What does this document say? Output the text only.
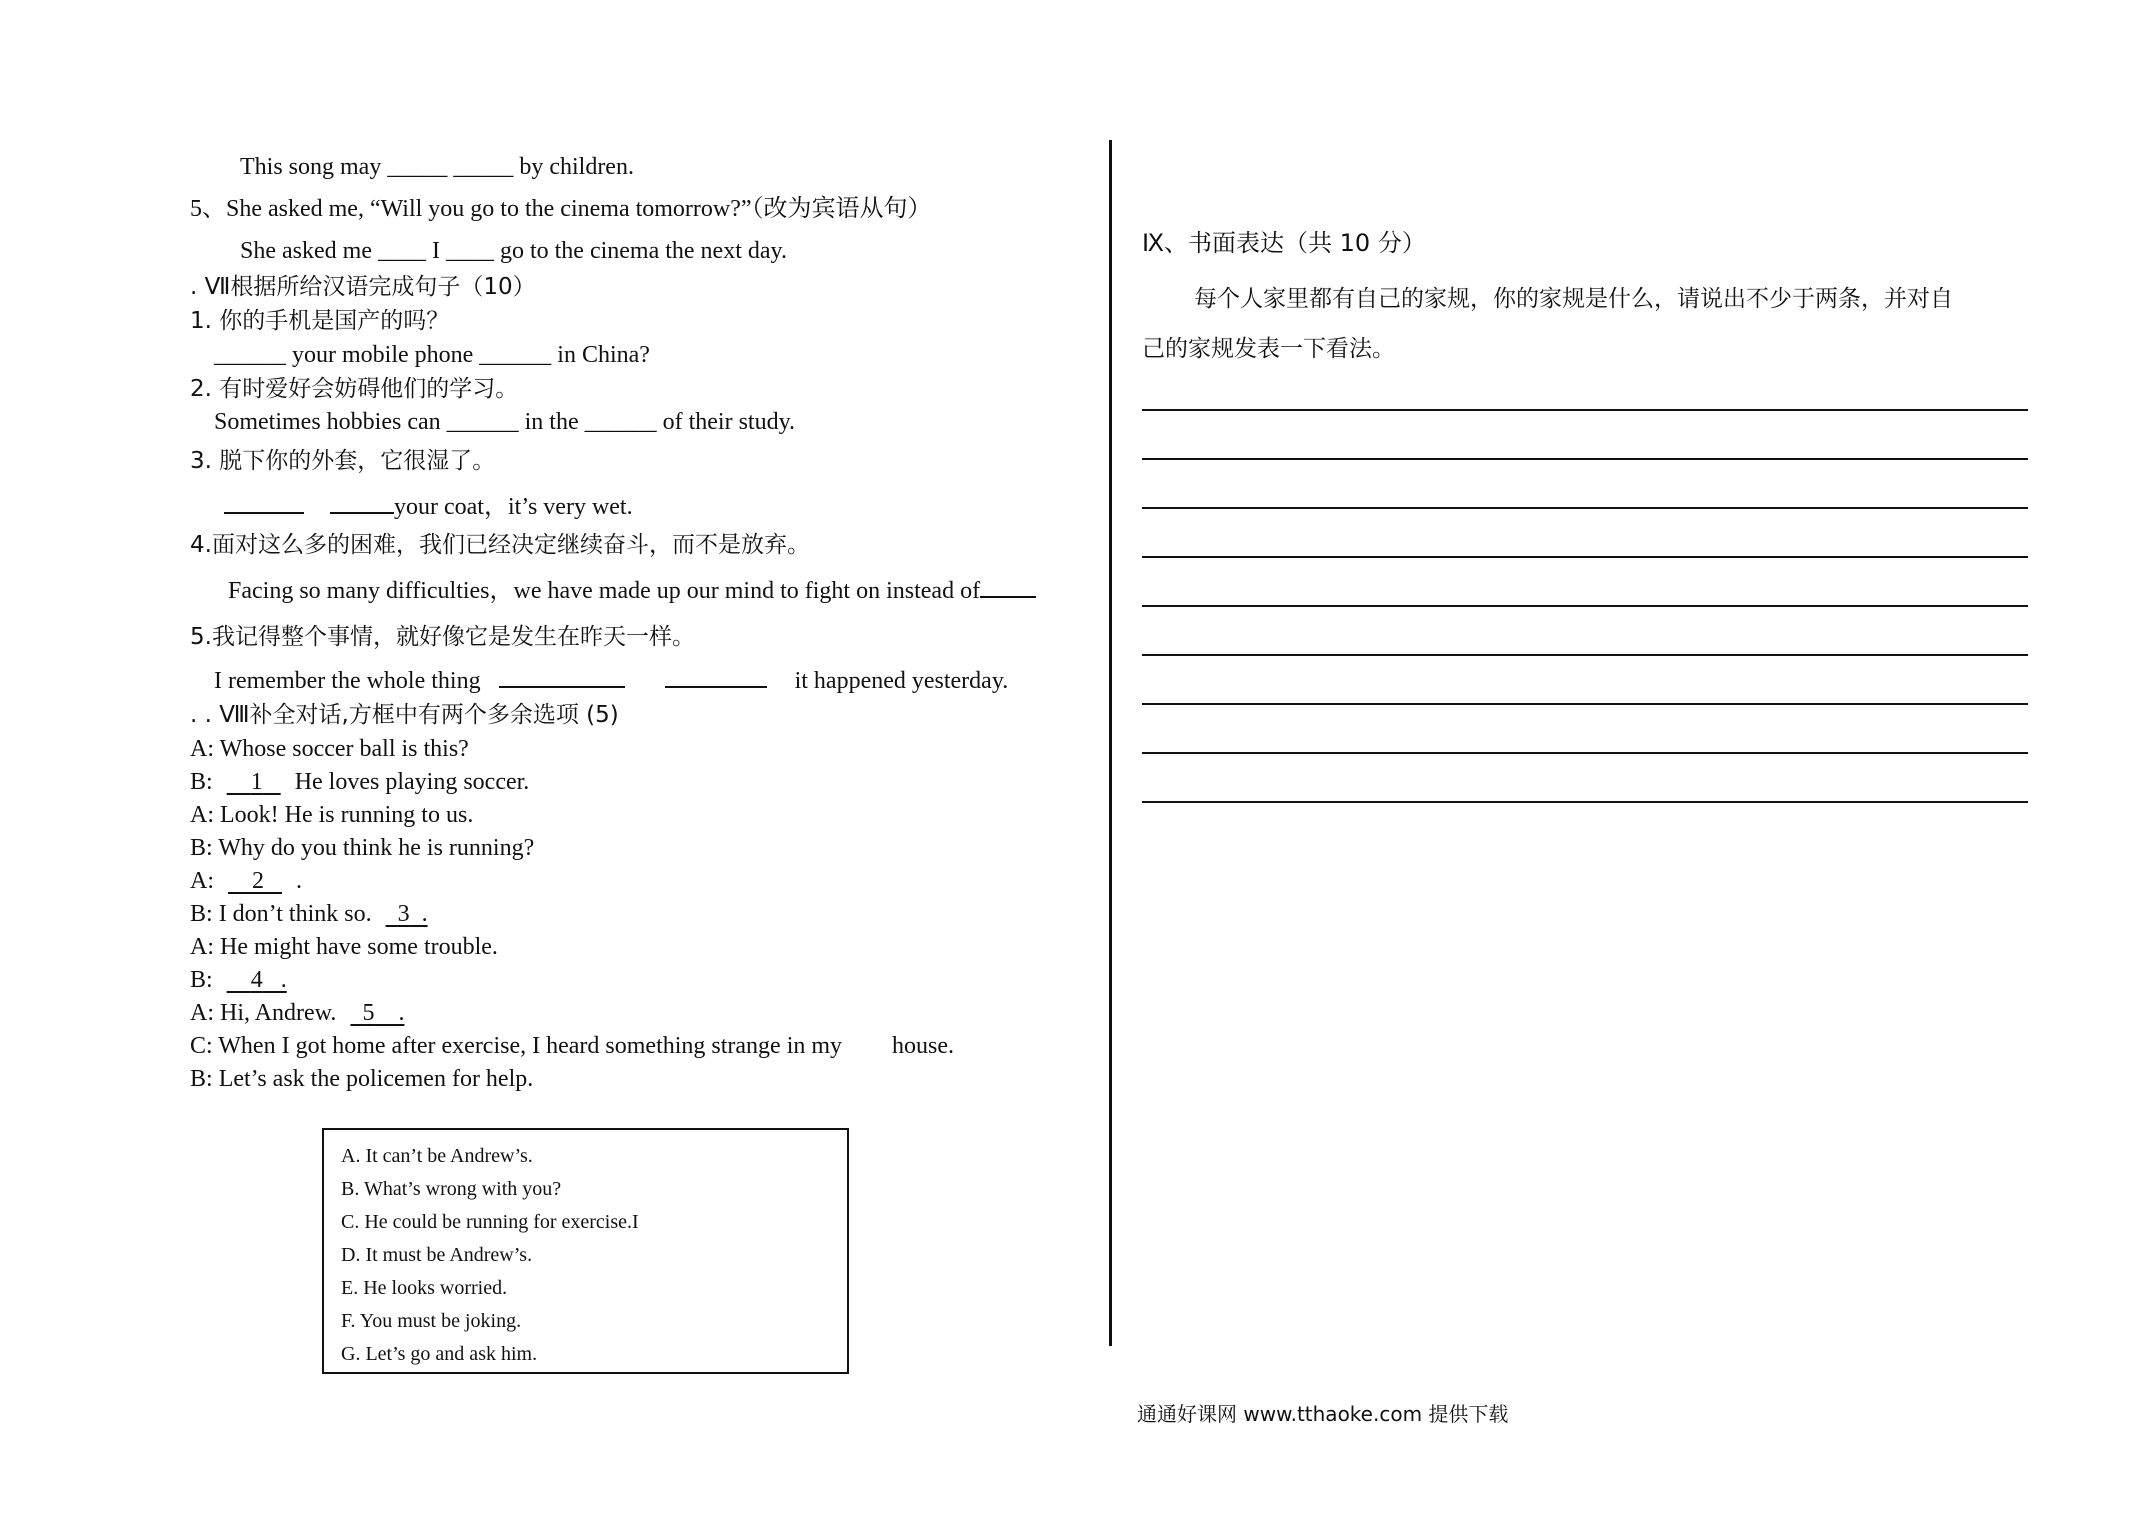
This song may _____ _____ by children.
5、She asked me, “Will you go to the cinema tomorrow?”（改为宾语从句）
She asked me ____ I ____ go to the cinema the next day.
. Ⅶ根据所给汉语完成句子（10）
1. 你的手机是国产的吗？
______ your mobile phone ______ in China?
2. 有时爱好会妨碍他们的学习。
Sometimes hobbies can ______ in the ______ of their study.
3. 脱下你的外套，它很湿了。
your coat，it’s very wet.
4.面对这么多的困难，我们已经决定继续奋斗，而不是放弃。
Facing so many difficulties，we have made up our mind to fight on instead of
5.我记得整个事情，就好像它是发生在昨天一样。
I remember the whole thing	it happened yesterday.
. . Ⅷ补全对话,方框中有两个多余选项 (5)
A: Whose soccer ball is this?
B: 1 He loves playing soccer.
A: Look! He is running to us.
B: Why do you think he is running?
A: 2 .
B: I don’t think so. 3  .
A: He might have some trouble.
B: 4   .
A: Hi, Andrew. 5    .
C: When I got home after exercise, I heard something strange in my house.
B: Let’s ask the policemen for help.
A. It can’t be Andrew’s.
B. What’s wrong with you?
C. He could be running for exercise.I
D. It must be Andrew’s.
E. He looks worried.
F. You must be joking.
G. Let’s go and ask him.
Ⅸ、书面表达（共 10 分）
每个人家里都有自己的家规，你的家规是什么，请说出不少于两条，并对自
己的家规发表一下看法。
通通好课网 www.tthaoke.com 提供下载
